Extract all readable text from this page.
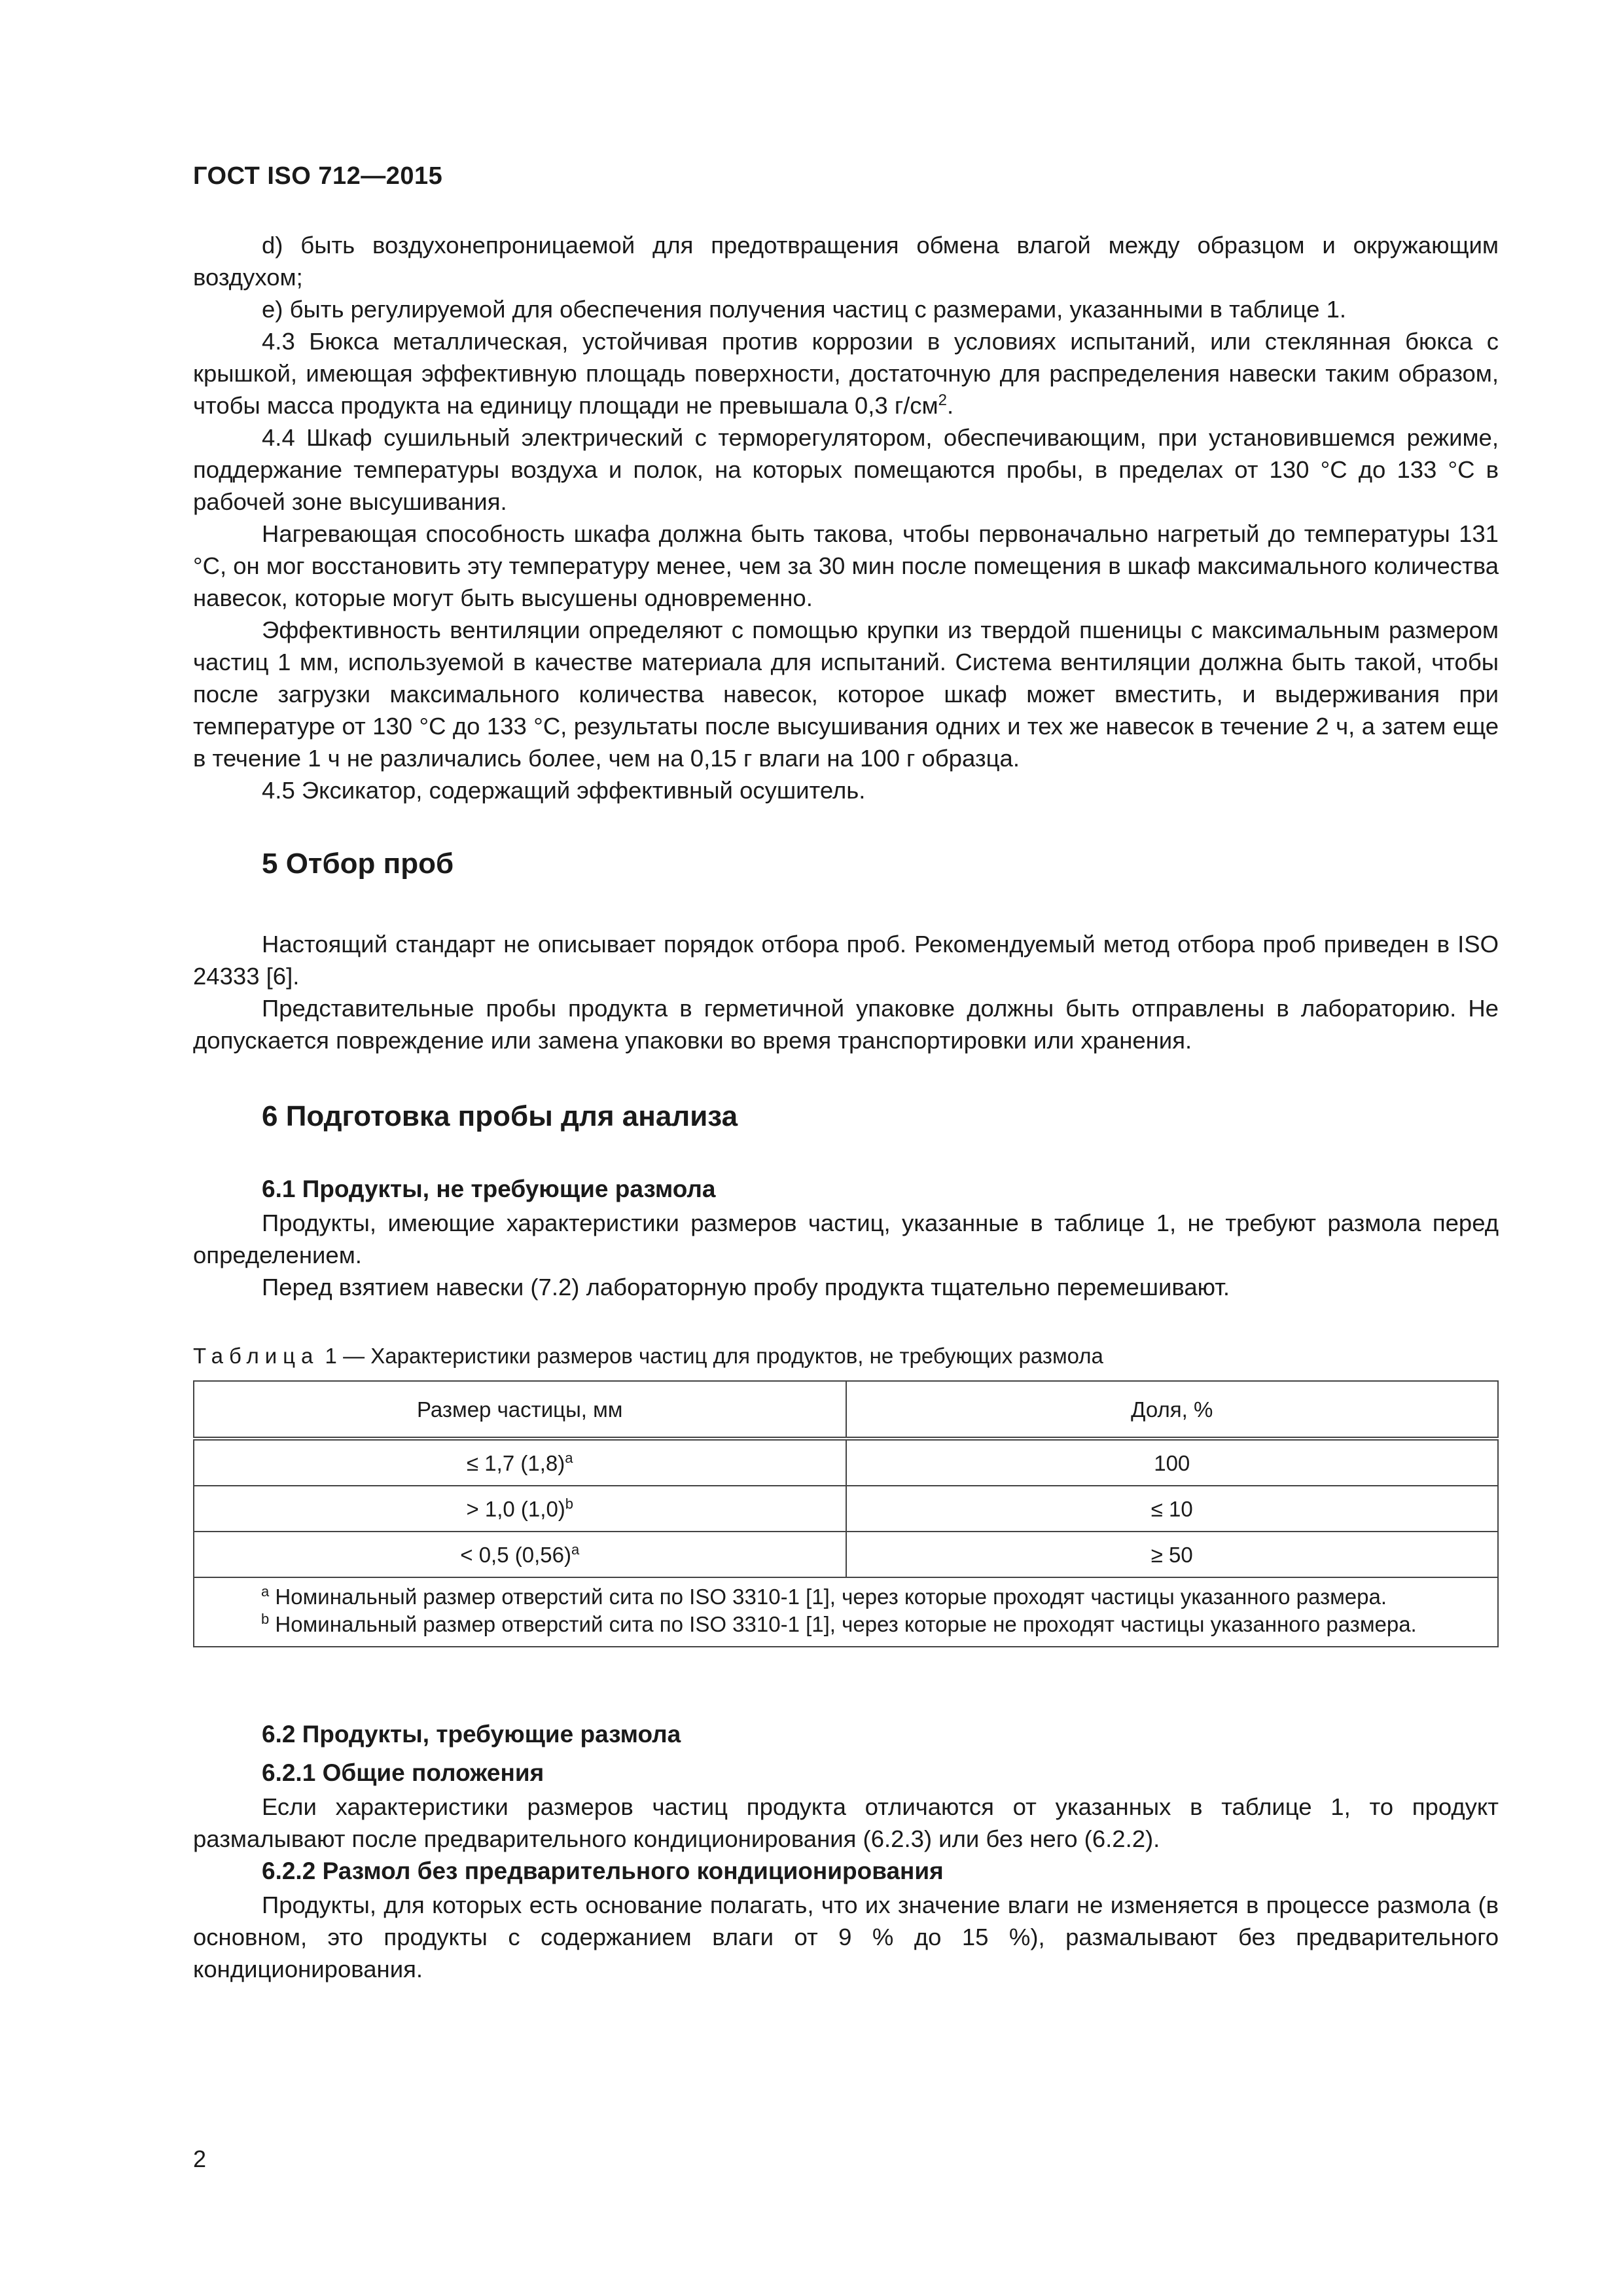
ГОСТ ISO 712—2015

d) быть воздухонепроницаемой для предотвращения обмена влагой между образцом и окружающим воздухом;

e) быть регулируемой для обеспечения получения частиц с размерами, указанными в таблице 1.

4.3 Бюкса металлическая, устойчивая против коррозии в условиях испытаний, или стеклянная бюкса с крышкой, имеющая эффективную площадь поверхности, достаточную для распределения навески таким образом, чтобы масса продукта на единицу площади не превышала 0,3 $г/см^2$.

4.4 Шкаф сушильный электрический с терморегулятором, обеспечивающим, при установившемся режиме, поддержание температуры воздуха и полок, на которых помещаются пробы, в пределах от 130 °C до 133 °C в рабочей зоне высушивания.

Нагревающая способность шкафа должна быть такова, чтобы первоначально нагретый до температуры 131 °C, он мог восстановить эту температуру менее, чем за 30 мин после помещения в шкаф максимального количества навесок, которые могут быть высушены одновременно.

Эффективность вентиляции определяют с помощью крупки из твердой пшеницы с максимальным размером частиц 1 мм, используемой в качестве материала для испытаний. Система вентиляции должна быть такой, чтобы после загрузки максимального количества навесок, которое шкаф может вместить, и выдерживания при температуре от 130 °C до 133 °C, результаты после высушивания одних и тех же навесок в течение 2 ч, а затем еще в течение 1 ч не различались более, чем на 0,15 г влаги на 100 г образца.

4.5 Эксикатор, содержащий эффективный осушитель.

5 Отбор проб

Настоящий стандарт не описывает порядок отбора проб. Рекомендуемый метод отбора проб приведен в ISO 24333 [6].

Представительные пробы продукта в герметичной упаковке должны быть отправлены в лабораторию. Не допускается повреждение или замена упаковки во время транспортировки или хранения.

6 Подготовка пробы для анализа
6.1 Продукты, не требующие размола

Продукты, имеющие характеристики размеров частиц, указанные в таблице 1, не требуют размола перед определением.

Перед взятием навески (7.2) лабораторную пробу продукта тщательно перемешивают.

Таблица 1 — Характеристики размеров частиц для продуктов, не требующих размола
Размер частицы, мм	Доля, %
≤ 1,7 $(1,8)^a$	100
> 1,0 $(1,0)^b$	≤ 10
< 0,5 $(0,56)^a$	≥ 50

$^a$ Номинальный размер отверстий сита по ISO 3310-1 [1], через которые проходят частицы указанного размера.
$^b$ Номинальный размер отверстий сита по ISO 3310-1 [1], через которые не проходят частицы указанного размера.	
6.2 Продукты, требующие размола
6.2.1 Общие положения

Если характеристики размеров частиц продукта отличаются от указанных в таблице 1, то продукт размалывают после предварительного кондиционирования (6.2.3) или без него (6.2.2).

6.2.2 Размол без предварительного кондиционирования

Продукты, для которых есть основание полагать, что их значение влаги не изменяется в процессе размола (в основном, это продукты с содержанием влаги от 9 % до 15 %), размалывают без предварительного кондиционирования.

2
